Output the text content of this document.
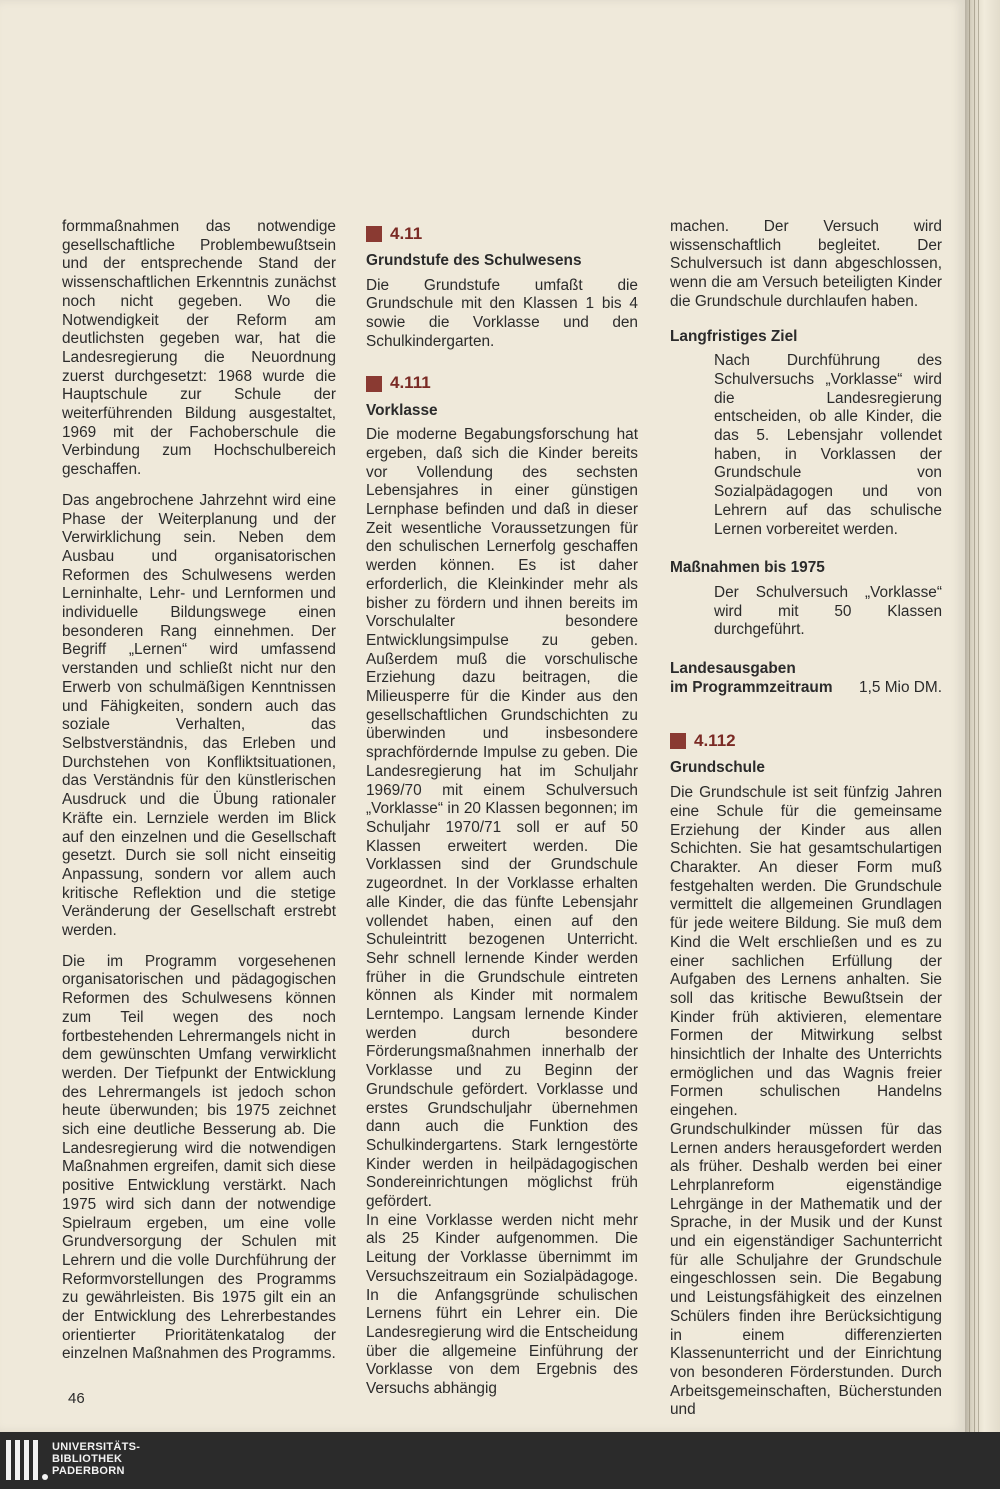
formmaßnahmen das notwendige gesellschaftliche Problembewußtsein und der entsprechende Stand der wissenschaftlichen Erkenntnis zunächst noch nicht gegeben. Wo die Notwendigkeit der Reform am deutlichsten gegeben war, hat die Landesregierung die Neuordnung zuerst durchgesetzt: 1968 wurde die Hauptschule zur Schule der weiterführenden Bildung ausgestaltet, 1969 mit der Fachoberschule die Verbindung zum Hochschulbereich geschaffen.

Das angebrochene Jahrzehnt wird eine Phase der Weiterplanung und der Verwirklichung sein. Neben dem Ausbau und organisatorischen Reformen des Schulwesens werden Lerninhalte, Lehr- und Lernformen und individuelle Bildungswege einen besonderen Rang einnehmen. Der Begriff „Lernen“ wird umfassend verstanden und schließt nicht nur den Erwerb von schulmäßigen Kenntnissen und Fähigkeiten, sondern auch das soziale Verhalten, das Selbstverständnis, das Erleben und Durchstehen von Konfliktsituationen, das Verständnis für den künstlerischen Ausdruck und die Übung rationaler Kräfte ein. Lernziele werden im Blick auf den einzelnen und die Gesellschaft gesetzt. Durch sie soll nicht einseitig Anpassung, sondern vor allem auch kritische Reflektion und die stetige Veränderung der Gesellschaft erstrebt werden.

Die im Programm vorgesehenen organisatorischen und pädagogischen Reformen des Schulwesens können zum Teil wegen des noch fortbestehenden Lehrermangels nicht in dem gewünschten Umfang verwirklicht werden. Der Tiefpunkt der Entwicklung des Lehrermangels ist jedoch schon heute überwunden; bis 1975 zeichnet sich eine deutliche Besserung ab. Die Landesregierung wird die notwendigen Maßnahmen ergreifen, damit sich diese positive Entwicklung verstärkt. Nach 1975 wird sich dann der notwendige Spielraum ergeben, um eine volle Grundversorgung der Schulen mit Lehrern und die volle Durchführung der Reformvorstellungen des Programms zu gewährleisten. Bis 1975 gilt ein an der Entwicklung des Lehrerbestandes orientierter Prioritätenkatalog der einzelnen Maßnahmen des Programms.

4.11
Grundstufe des Schulwesens

Die Grundstufe umfaßt die Grundschule mit den Klassen 1 bis 4 sowie die Vorklasse und den Schulkindergarten.

4.111
Vorklasse

Die moderne Begabungsforschung hat ergeben, daß sich die Kinder bereits vor Vollendung des sechsten Lebensjahres in einer günstigen Lernphase befinden und daß in dieser Zeit wesentliche Voraussetzungen für den schulischen Lernerfolg geschaffen werden können. Es ist daher erforderlich, die Kleinkinder mehr als bisher zu fördern und ihnen bereits im Vorschulalter besondere Entwicklungsimpulse zu geben. Außerdem muß die vorschulische Erziehung dazu beitragen, die Milieusperre für die Kinder aus den gesellschaftlichen Grundschichten zu überwinden und insbesondere sprachfördernde Impulse zu geben. Die Landesregierung hat im Schuljahr 1969/70 mit einem Schulversuch „Vorklasse“ in 20 Klassen begonnen; im Schuljahr 1970/71 soll er auf 50 Klassen erweitert werden. Die Vorklassen sind der Grundschule zugeordnet. In der Vorklasse erhalten alle Kinder, die das fünfte Lebensjahr vollendet haben, einen auf den Schuleintritt bezogenen Unterricht. Sehr schnell lernende Kinder werden früher in die Grundschule eintreten können als Kinder mit normalem Lerntempo. Langsam lernende Kinder werden durch besondere Förderungsmaßnahmen innerhalb der Vorklasse und zu Beginn der Grundschule gefördert. Vorklasse und erstes Grundschuljahr übernehmen dann auch die Funktion des Schulkindergartens. Stark lerngestörte Kinder werden in heilpädagogischen Sondereinrichtungen möglichst früh gefördert.

In eine Vorklasse werden nicht mehr als 25 Kinder aufgenommen. Die Leitung der Vorklasse übernimmt im Versuchszeitraum ein Sozialpädagoge. In die Anfangsgründe schulischen Lernens führt ein Lehrer ein. Die Landesregierung wird die Entscheidung über die allgemeine Einführung der Vorklasse von dem Ergebnis des Versuchs abhängig

machen. Der Versuch wird wissenschaftlich begleitet. Der Schulversuch ist dann abgeschlossen, wenn die am Versuch beteiligten Kinder die Grundschule durchlaufen haben.

Langfristiges Ziel

Nach Durchführung des Schulversuchs „Vorklasse“ wird die Landesregierung entscheiden, ob alle Kinder, die das 5. Lebensjahr vollendet haben, in Vorklassen der Grundschule von Sozialpädagogen und von Lehrern auf das schulische Lernen vorbereitet werden.

Maßnahmen bis 1975

Der Schulversuch „Vorklasse“ wird mit 50 Klassen durchgeführt.

Landesausgaben
im Programmzeitraum 1,5 Mio DM.
4.112
Grundschule

Die Grundschule ist seit fünfzig Jahren eine Schule für die gemeinsame Erziehung der Kinder aus allen Schichten. Sie hat gesamtschulartigen Charakter. An dieser Form muß festgehalten werden. Die Grundschule vermittelt die allgemeinen Grundlagen für jede weitere Bildung. Sie muß dem Kind die Welt erschließen und es zu einer sachlichen Erfüllung der Aufgaben des Lernens anhalten. Sie soll das kritische Bewußtsein der Kinder früh aktivieren, elementare Formen der Mitwirkung selbst hinsichtlich der Inhalte des Unterrichts ermöglichen und das Wagnis freier Formen schulischen Handelns eingehen.

Grundschulkinder müssen für das Lernen anders herausgefordert werden als früher. Deshalb werden bei einer Lehrplanreform eigenständige Lehrgänge in der Mathematik und der Sprache, in der Musik und der Kunst und ein eigenständiger Sachunterricht für alle Schuljahre der Grundschule eingeschlossen sein. Die Begabung und Leistungsfähigkeit des einzelnen Schülers finden ihre Berücksichtigung in einem differenzierten Klassenunterricht und der Einrichtung von besonderen Förderstunden. Durch Arbeitsgemeinschaften, Bücherstunden und

46
UNIVERSITÄTS-
BIBLIOTHEK
PADERBORN
